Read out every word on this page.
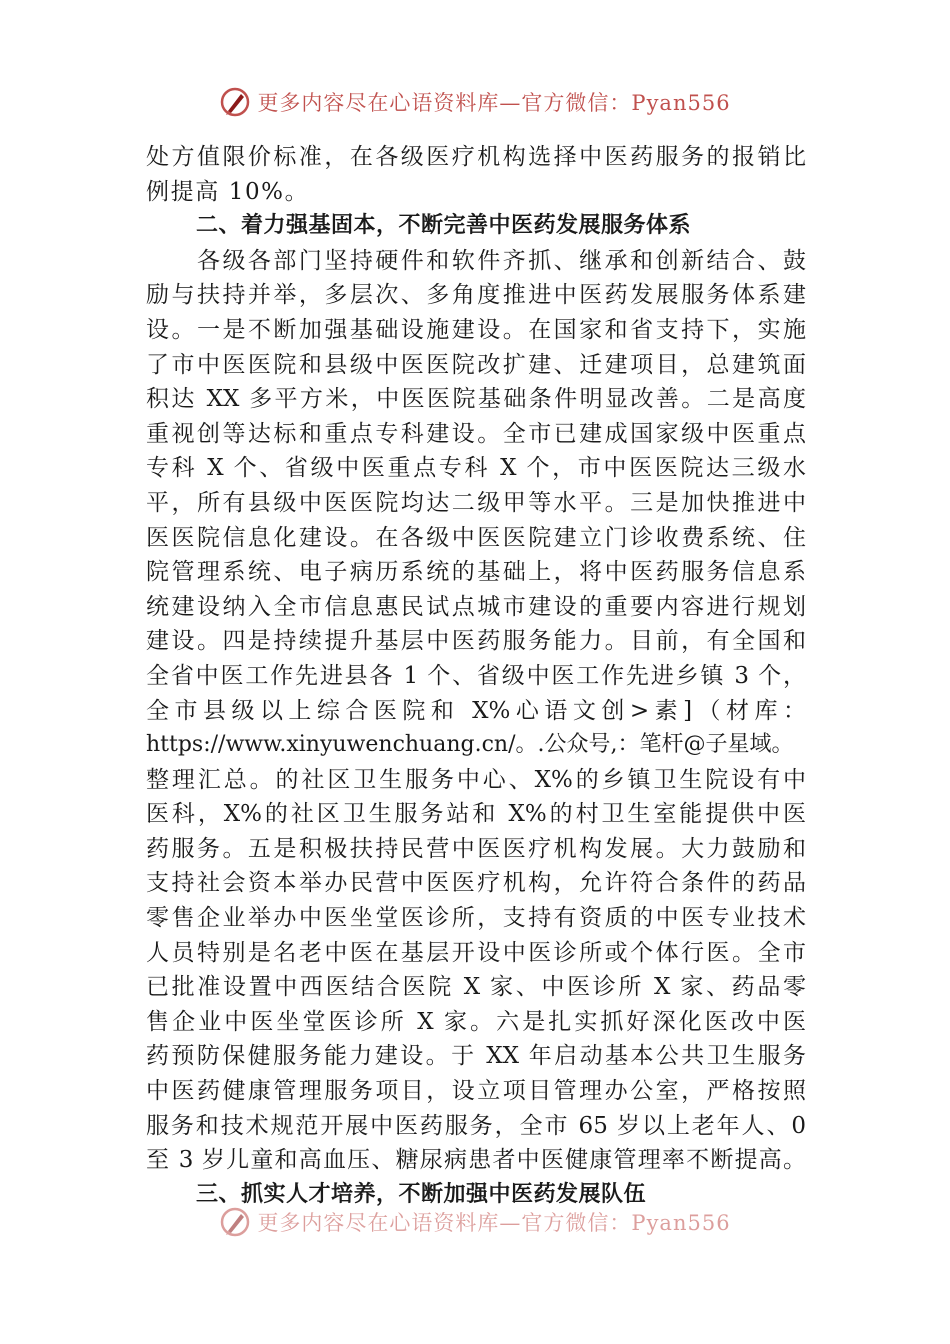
更多内容尽在心语资料库—官方微信：Pyan556
处方值限价标准，在各级医疗机构选择中医药服务的报销比
例提高 10%。
二、着力强基固本，不断完善中医药发展服务体系
　　各级各部门坚持硬件和软件齐抓、继承和创新结合、鼓
励与扶持并举，多层次、多角度推进中医药发展服务体系建
设。一是不断加强基础设施建设。在国家和省支持下，实施
了市中医医院和县级中医医院改扩建、迁建项目，总建筑面
积达 XX 多平方米，中医医院基础条件明显改善。二是高度
重视创等达标和重点专科建设。全市已建成国家级中医重点
专科 X 个、省级中医重点专科 X 个，市中医医院达三级水
平，所有县级中医医院均达二级甲等水平。三是加快推进中
医医院信息化建设。在各级中医医院建立门诊收费系统、住
院管理系统、电子病历系统的基础上，将中医药服务信息系
统建设纳入全市信息惠民试点城市建设的重要内容进行规划
建设。四是持续提升基层中医药服务能力。目前，有全国和
全省中医工作先进县各 1 个、省级中医工作先进乡镇 3 个，
全市县级以上综合医院和 X%心语文创>素]（材库：
https://www.xinyuwenchuang.cn/。.公众号,：笔杆@子星域。
整理汇总。的社区卫生服务中心、X%的乡镇卫生院设有中
医科，X%的社区卫生服务站和 X%的村卫生室能提供中医
药服务。五是积极扶持民营中医医疗机构发展。大力鼓励和
支持社会资本举办民营中医医疗机构，允许符合条件的药品
零售企业举办中医坐堂医诊所，支持有资质的中医专业技术
人员特别是名老中医在基层开设中医诊所或个体行医。全市
已批准设置中西医结合医院 X 家、中医诊所 X 家、药品零
售企业中医坐堂医诊所 X 家。六是扎实抓好深化医改中医
药预防保健服务能力建设。于 XX 年启动基本公共卫生服务
中医药健康管理服务项目，设立项目管理办公室，严格按照
服务和技术规范开展中医药服务，全市 65 岁以上老年人、0
至 3 岁儿童和高血压、糖尿病患者中医健康管理率不断提高。
三、抓实人才培养，不断加强中医药发展队伍
更多内容尽在心语资料库—官方微信：Pyan556
